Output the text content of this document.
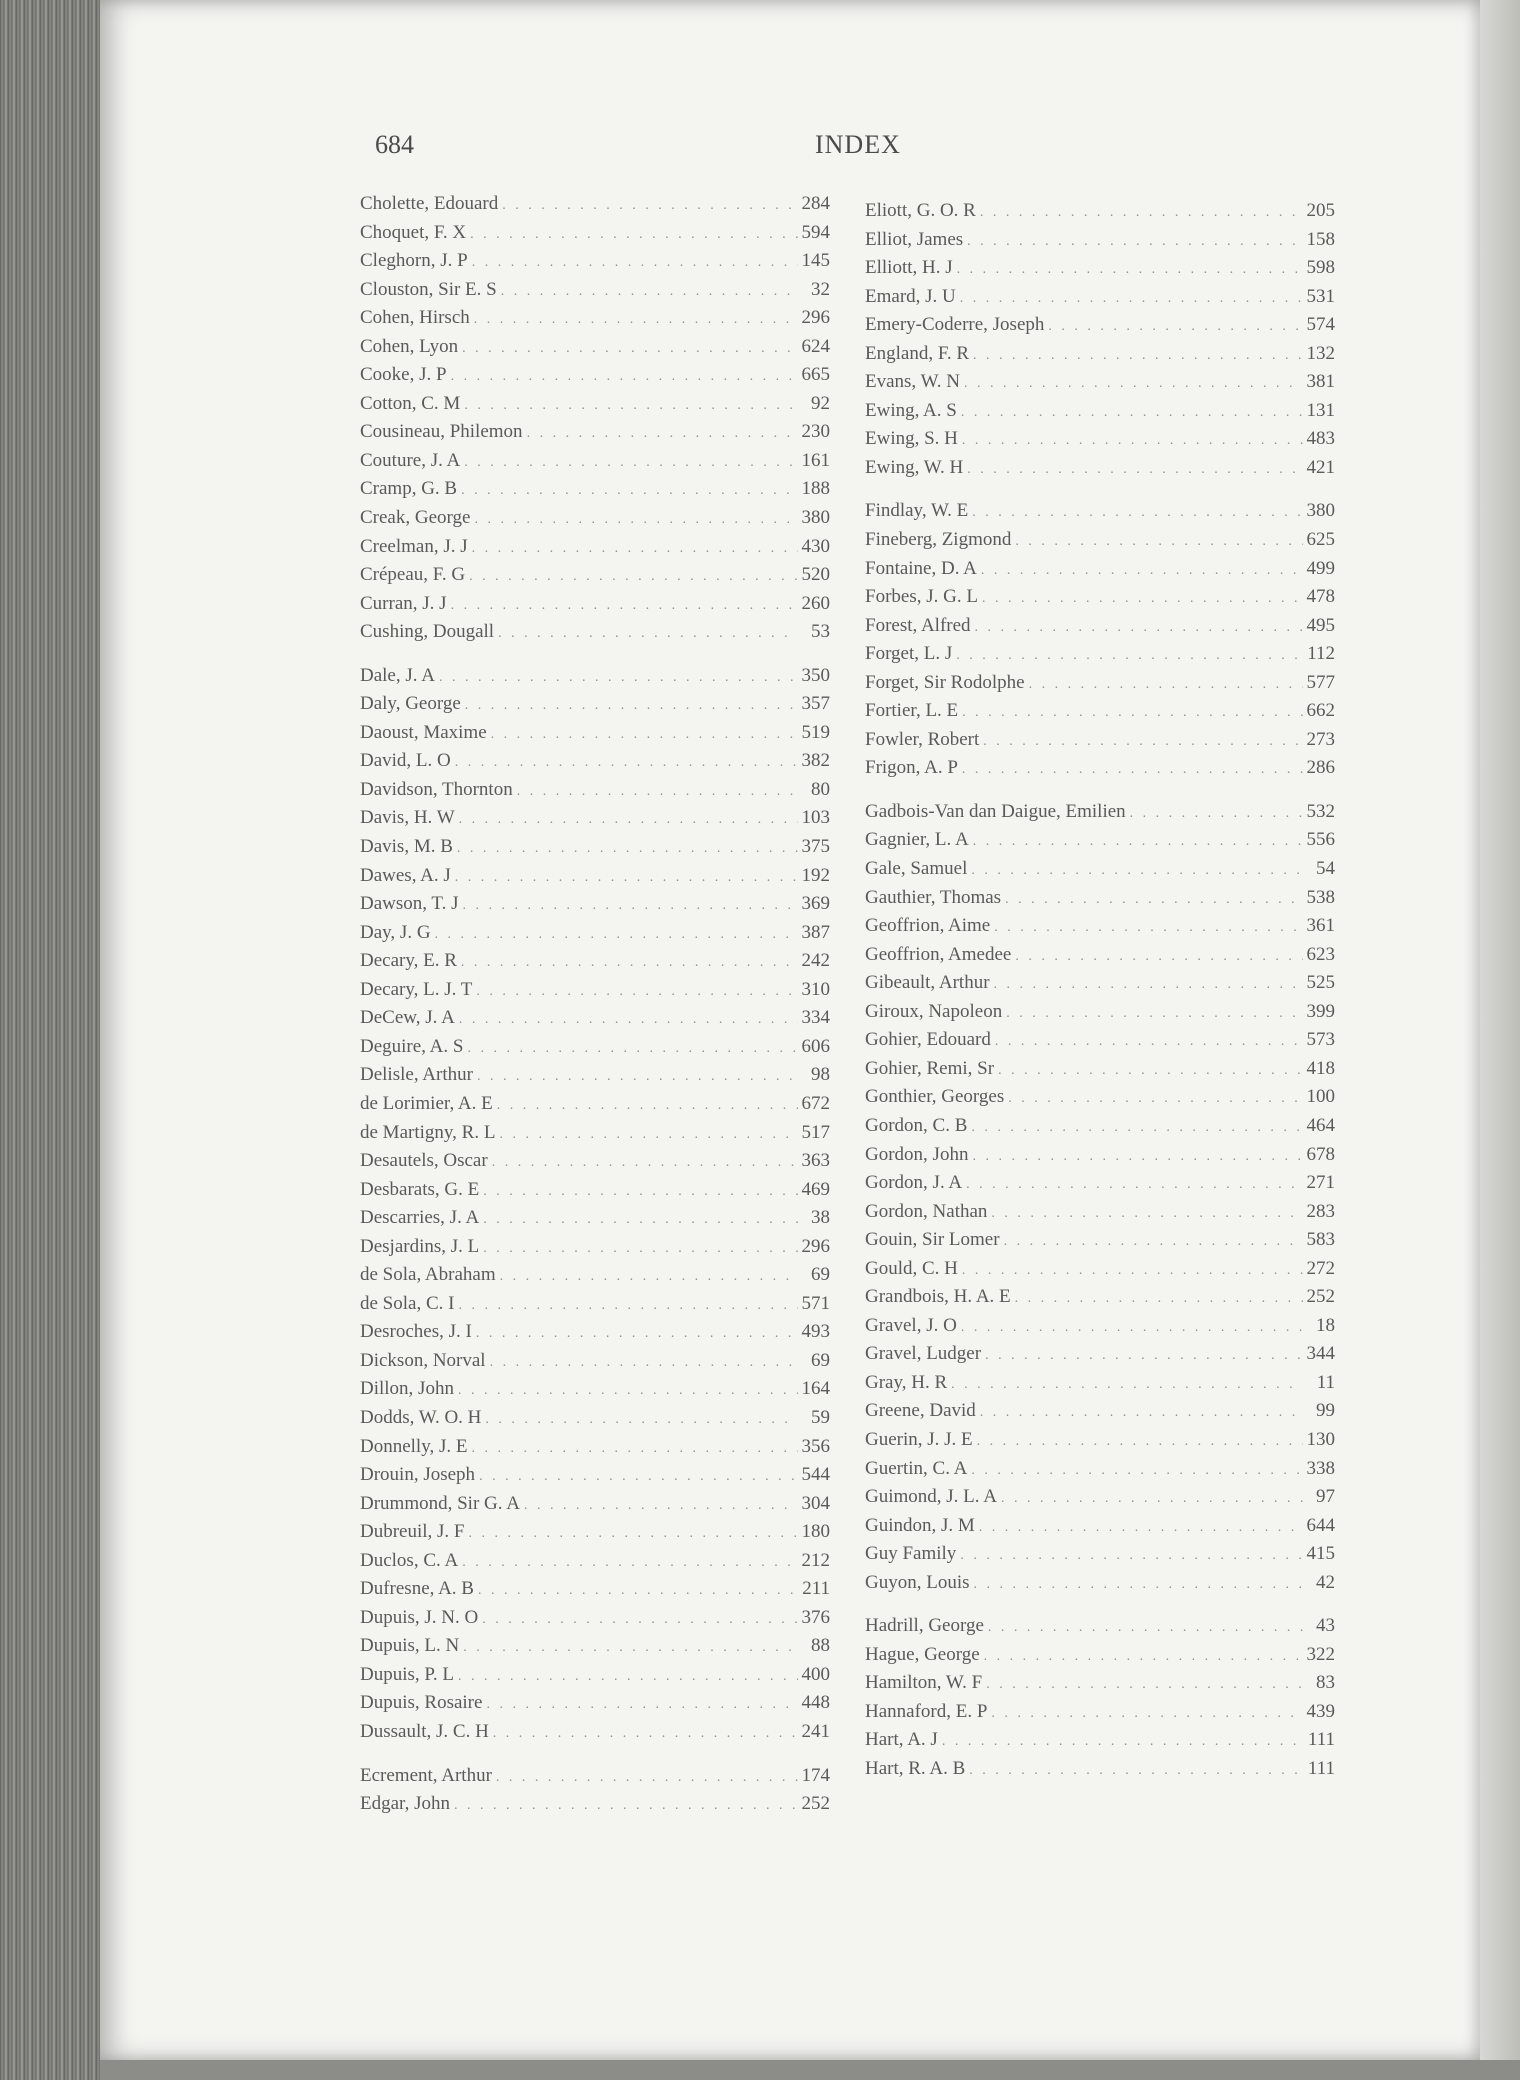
684	INDEX
Cholette, Edouard . . .	284
Choquet, F. X . . .	594
Cleghorn, J. P . . .	145
Clouston, Sir E. S . . .	32
Cohen, Hirsch . . .	296
Cohen, Lyon . . .	624
Cooke, J. P . . .	665
Cotton, C. M . . .	92
Cousineau, Philemon . . .	230
Couture, J. A . . .	161
Cramp, G. B . . .	188
Creak, George . . .	380
Creelman, J. J . . .	430
Crépeau, F. G . . .	520
Curran, J. J . . .	260
Cushing, Dougall . . .	53
Dale, J. A . . .	350
Daly, George . . .	357
Daoust, Maxime . . .	519
David, L. O . . .	382
Davidson, Thornton . . .	80
Davis, H. W . . .	103
Davis, M. B . . .	375
Dawes, A. J . . .	192
Dawson, T. J . . .	369
Day, J. G . . .	387
Decary, E. R . . .	242
Decary, L. J. T . . .	310
DeCew, J. A . . .	334
Deguire, A. S . . .	606
Delisle, Arthur . . .	98
de Lorimier, A. E . . .	672
de Martigny, R. L . . .	517
Desautels, Oscar . . .	363
Desbarats, G. E . . .	469
Descarries, J. A . . .	38
Desjardins, J. L . . .	296
de Sola, Abraham . . .	69
de Sola, C. I . . .	571
Desroches, J. I . . .	493
Dickson, Norval . . .	69
Dillon, John . . .	164
Dodds, W. O. H . . .	59
Donnelly, J. E . . .	356
Drouin, Joseph . . .	544
Drummond, Sir G. A . . .	304
Dubreuil, J. F . . .	180
Duclos, C. A . . .	212
Dufresne, A. B . . .	211
Dupuis, J. N. O . . .	376
Dupuis, L. N . . .	88
Dupuis, P. L . . .	400
Dupuis, Rosaire . . .	448
Dussault, J. C. H . . .	241
Ecrement, Arthur . . .	174
Edgar, John . . .	252
Eliott, G. O. R . . .	205
Elliot, James . . .	158
Elliott, H. J . . .	598
Emard, J. U . . .	531
Emery-Coderre, Joseph . . .	574
England, F. R . . .	132
Evans, W. N . . .	381
Ewing, A. S . . .	131
Ewing, S. H . . .	483
Ewing, W. H . . .	421
Findlay, W. E . . .	380
Fineberg, Zigmond . . .	625
Fontaine, D. A . . .	499
Forbes, J. G. L . . .	478
Forest, Alfred . . .	495
Forget, L. J . . .	112
Forget, Sir Rodolphe . . .	577
Fortier, L. E . . .	662
Fowler, Robert . . .	273
Frigon, A. P . . .	286
Gadbois-Van dan Daigue, Emilien . . .	532
Gagnier, L. A . . .	556
Gale, Samuel . . .	54
Gauthier, Thomas . . .	538
Geoffrion, Aime . . .	361
Geoffrion, Amedee . . .	623
Gibeault, Arthur . . .	525
Giroux, Napoleon . . .	399
Gohier, Edouard . . .	573
Gohier, Remi, Sr . . .	418
Gonthier, Georges . . .	100
Gordon, C. B . . .	464
Gordon, John . . .	678
Gordon, J. A . . .	271
Gordon, Nathan . . .	283
Gouin, Sir Lomer . . .	583
Gould, C. H . . .	272
Grandbois, H. A. E . . .	252
Gravel, J. O . . .	18
Gravel, Ludger . . .	344
Gray, H. R . . .	11
Greene, David . . .	99
Guerin, J. J. E . . .	130
Guertin, C. A . . .	338
Guimond, J. L. A . . .	97
Guindon, J. M . . .	644
Guy Family . . .	415
Guyon, Louis . . .	42
Hadrill, George . . .	43
Hague, George . . .	322
Hamilton, W. F . . .	83
Hannaford, E. P . . .	439
Hart, A. J . . .	111
Hart, R. A. B . . .	111
